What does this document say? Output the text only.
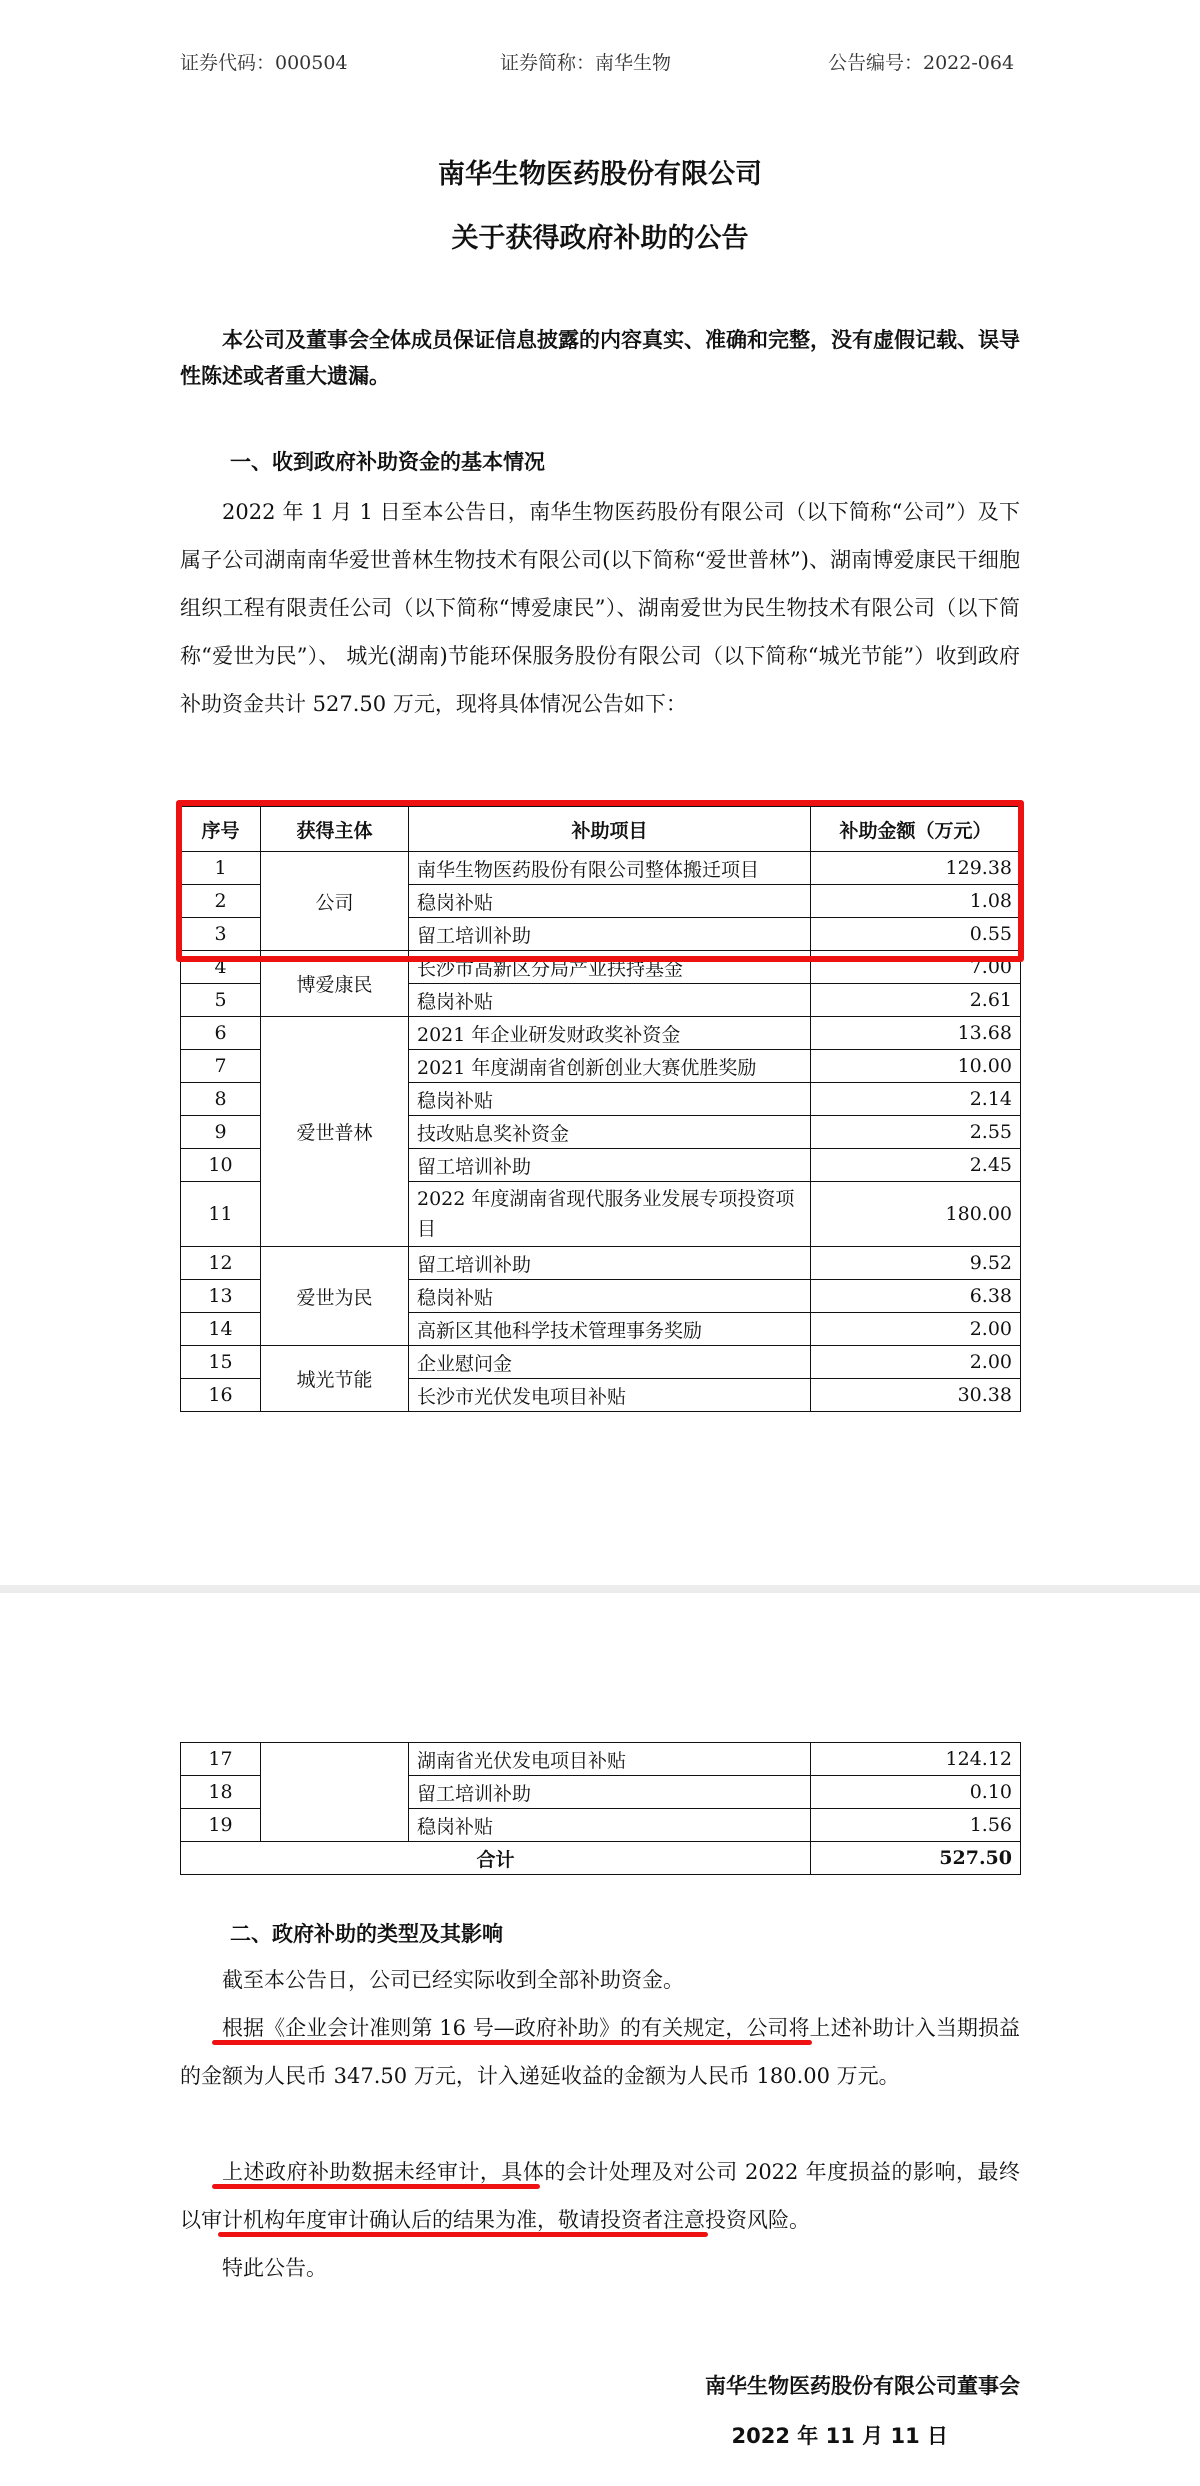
证券代码：000504	证券简称：南华生物	公告编号：2022-064
南华生物医药股份有限公司
关于获得政府补助的公告

本公司及董事会全体成员保证信息披露的内容真实、准确和完整，没有虚假记载、误导性陈述或者重大遗漏。

一、收到政府补助资金的基本情况

2022 年 1 月 1 日至本公告日，南华生物医药股份有限公司（以下简称“公司”）及下属子公司湖南南华爱世普林生物技术有限公司(以下简称“爱世普林”)、湖南博爱康民干细胞组织工程有限责任公司（以下简称“博爱康民”）、湖南爱世为民生物技术有限公司（以下简称“爱世为民”）、 城光(湖南)节能环保服务股份有限公司（以下简称“城光节能”）收到政府补助资金共计 527.50 万元，现将具体情况公告如下：

序号	获得主体	补助项目	补助金额（万元）
1	公司	南华生物医药股份有限公司整体搬迁项目	129.38
2		稳岗补贴	1.08
3		留工培训补助	0.55
4	博爱康民	长沙市高新区分局产业扶持基金	7.00
5		稳岗补贴	2.61
6	爱世普林	2021 年企业研发财政奖补资金	13.68
7		2021 年度湖南省创新创业大赛优胜奖励	10.00
8		稳岗补贴	2.14
9		技改贴息奖补资金	2.55
10		留工培训补助	2.45
11		2022 年度湖南省现代服务业发展专项投资项目	180.00
12	爱世为民	留工培训补助	9.52
13		稳岗补贴	6.38
14		高新区其他科学技术管理事务奖励	2.00
15	城光节能	企业慰问金	2.00
16		长沙市光伏发电项目补贴	30.38
17		湖南省光伏发电项目补贴	124.12
18		留工培训补助	0.10
19		稳岗补贴	1.56
合计			527.50
二、政府补助的类型及其影响

截至本公告日，公司已经实际收到全部补助资金。

根据《企业会计准则第 16 号—政府补助》的有关规定，公司将上述补助计入当期损益的金额为人民币 347.50 万元，计入递延收益的金额为人民币 180.00 万元。

上述政府补助数据未经审计，具体的会计处理及对公司 2022 年度损益的影响，最终以审计机构年度审计确认后的结果为准，敬请投资者注意投资风险。

特此公告。

南华生物医药股份有限公司董事会
2022 年 11 月 11 日
